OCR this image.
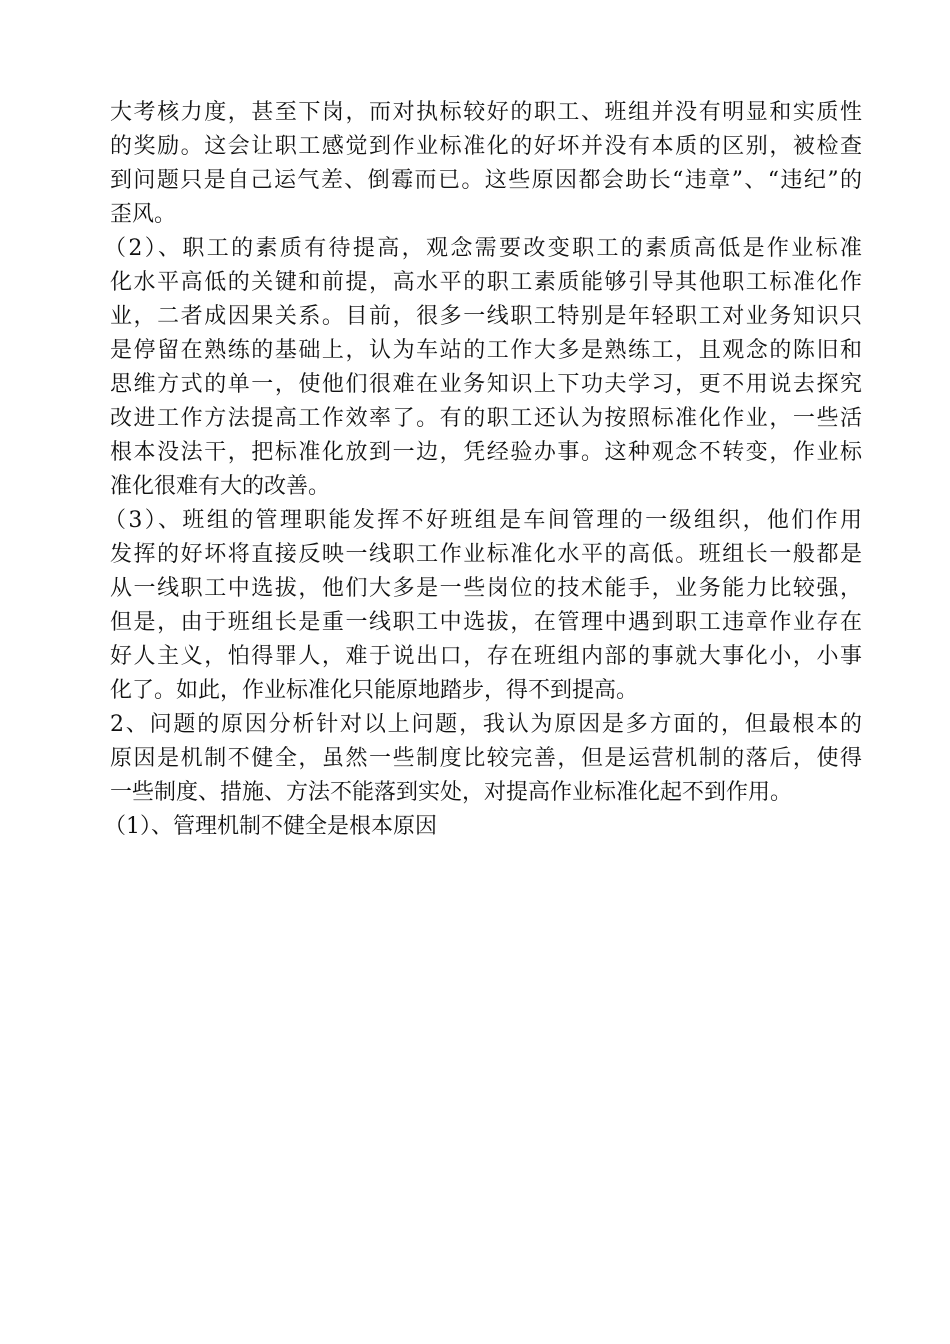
大考核力度，甚至下岗，而对执标较好的职工、班组并没有明显和实质性
的奖励。这会让职工感觉到作业标准化的好坏并没有本质的区别，被检查
到问题只是自己运气差、倒霉而已。这些原因都会助长“违章”、“违纪”的
歪风。
（2）、职工的素质有待提高，观念需要改变职工的素质高低是作业标准
化水平高低的关键和前提，高水平的职工素质能够引导其他职工标准化作
业，二者成因果关系。目前，很多一线职工特别是年轻职工对业务知识只
是停留在熟练的基础上，认为车站的工作大多是熟练工，且观念的陈旧和
思维方式的单一，使他们很难在业务知识上下功夫学习，更不用说去探究
改进工作方法提高工作效率了。有的职工还认为按照标准化作业，一些活
根本没法干，把标准化放到一边，凭经验办事。这种观念不转变，作业标
准化很难有大的改善。
（3）、班组的管理职能发挥不好班组是车间管理的一级组织，他们作用
发挥的好坏将直接反映一线职工作业标准化水平的高低。班组长一般都是
从一线职工中选拔，他们大多是一些岗位的技术能手，业务能力比较强，
但是，由于班组长是重一线职工中选拔，在管理中遇到职工违章作业存在
好人主义，怕得罪人，难于说出口，存在班组内部的事就大事化小，小事
化了。如此，作业标准化只能原地踏步，得不到提高。
2、问题的原因分析针对以上问题，我认为原因是多方面的，但最根本的
原因是机制不健全，虽然一些制度比较完善，但是运营机制的落后，使得
一些制度、措施、方法不能落到实处，对提高作业标准化起不到作用。
（1）、管理机制不健全是根本原因
